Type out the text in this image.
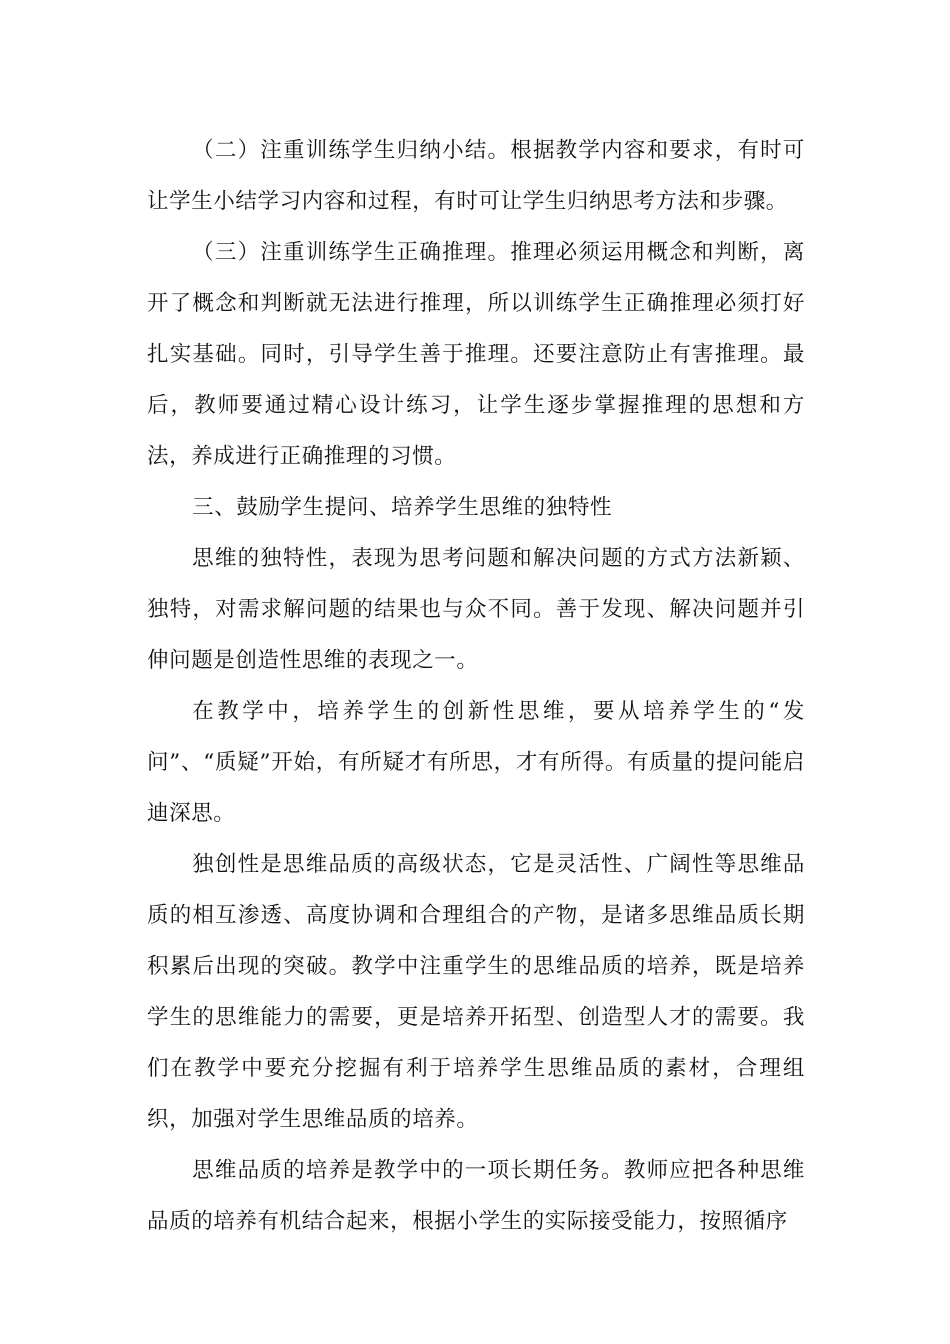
（二）注重训练学生归纳小结。根据教学内容和要求，有时可让学生小结学习内容和过程，有时可让学生归纳思考方法和步骤。

（三）注重训练学生正确推理。推理必须运用概念和判断，离开了概念和判断就无法进行推理，所以训练学生正确推理必须打好扎实基础。同时，引导学生善于推理。还要注意防止有害推理。最后，教师要通过精心设计练习，让学生逐步掌握推理的思想和方法，养成进行正确推理的习惯。

三、鼓励学生提问、培养学生思维的独特性

思维的独特性，表现为思考问题和解决问题的方式方法新颖、独特，对需求解问题的结果也与众不同。善于发现、解决问题并引伸问题是创造性思维的表现之一。

在教学中，培养学生的创新性思维，要从培养学生的“发问”、“质疑”开始，有所疑才有所思，才有所得。有质量的提问能启迪深思。

独创性是思维品质的高级状态，它是灵活性、广阔性等思维品质的相互渗透、高度协调和合理组合的产物，是诸多思维品质长期积累后出现的突破。教学中注重学生的思维品质的培养，既是培养学生的思维能力的需要，更是培养开拓型、创造型人才的需要。我们在教学中要充分挖掘有利于培养学生思维品质的素材，合理组织，加强对学生思维品质的培养。

思维品质的培养是教学中的一项长期任务。教师应把各种思维品质的培养有机结合起来，根据小学生的实际接受能力，按照循序
